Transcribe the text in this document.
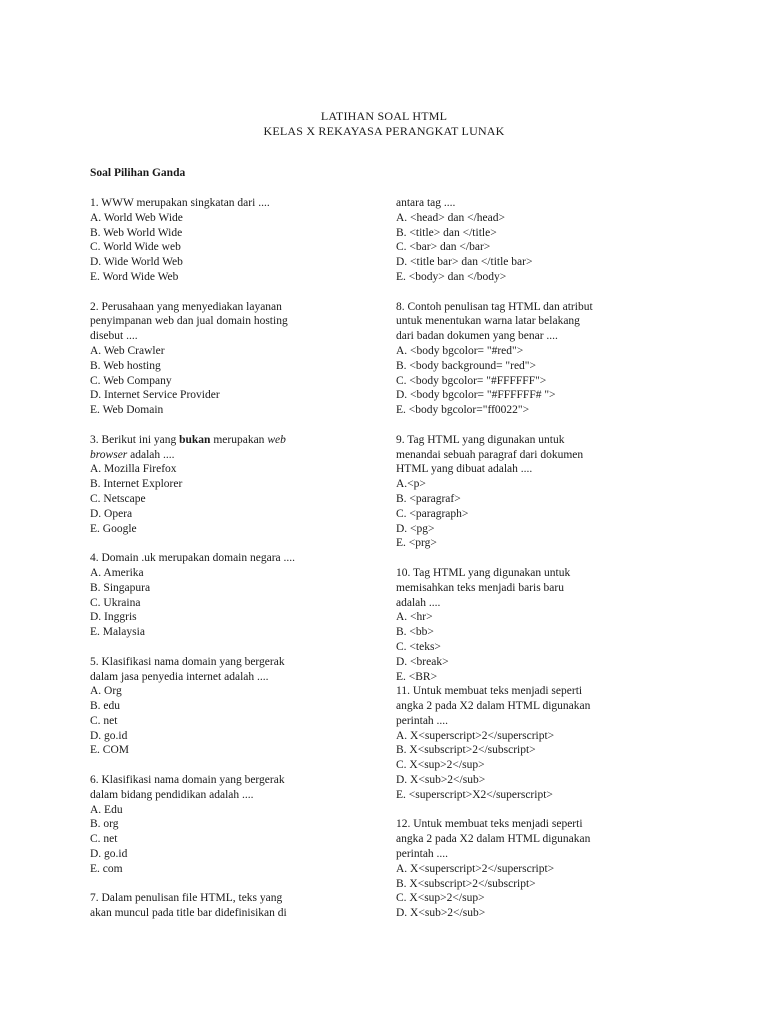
LATIHAN SOAL HTML
KELAS X REKAYASA PERANGKAT LUNAK
Soal Pilihan Ganda
1. WWW merupakan singkatan dari ....
A. World Web Wide
B. Web World Wide
C. World Wide web
D. Wide World Web
E. Word Wide Web
2. Perusahaan yang menyediakan layanan
penyimpanan web dan jual domain hosting
disebut ....
A. Web Crawler
B. Web hosting
C. Web Company
D. Internet Service Provider
E. Web Domain
3. Berikut ini yang bukan merupakan web
browser adalah ....
A. Mozilla Firefox
B. Internet Explorer
C. Netscape
D. Opera
E. Google
4. Domain .uk merupakan domain negara ....
A. Amerika
B. Singapura
C. Ukraina
D. Inggris
E. Malaysia
5. Klasifikasi nama domain yang bergerak
dalam jasa penyedia internet adalah ....
A. Org
B. edu
C. net
D. go.id
E. COM
6. Klasifikasi nama domain yang bergerak
dalam bidang pendidikan adalah ....
A. Edu
B. org
C. net
D. go.id
E. com
7. Dalam penulisan file HTML, teks yang
akan muncul pada title bar didefinisikan di
antara tag ....
A. <head> dan </head>
B. <title> dan </title>
C. <bar> dan </bar>
D. <title bar> dan </title bar>
E. <body> dan </body>
8. Contoh penulisan tag HTML dan atribut
untuk menentukan warna latar belakang
dari badan dokumen yang benar ....
A. <body bgcolor= "#red">
B. <body background= "red">
C. <body bgcolor= "#FFFFFF">
D. <body bgcolor= "#FFFFFF# ">
E. <body bgcolor="ff0022">
9. Tag HTML yang digunakan untuk
menandai sebuah paragraf dari dokumen
HTML yang dibuat adalah ....
A.<p>
B. <paragraf>
C. <paragraph>
D. <pg>
E. <prg>
10. Tag HTML yang digunakan untuk
memisahkan teks menjadi baris baru
adalah ....
A. <hr>
B. <bb>
C. <teks>
D. <break>
E. <BR>
11. Untuk membuat teks menjadi seperti
angka 2 pada X2 dalam HTML digunakan
perintah ....
A. X<superscript>2</superscript>
B. X<subscript>2</subscript>
C. X<sup>2</sup>
D. X<sub>2</sub>
E. <superscript>X2</superscript>
12. Untuk membuat teks menjadi seperti
angka 2 pada X2 dalam HTML digunakan
perintah ....
A. X<superscript>2</superscript>
B. X<subscript>2</subscript>
C. X<sup>2</sup>
D. X<sub>2</sub>
